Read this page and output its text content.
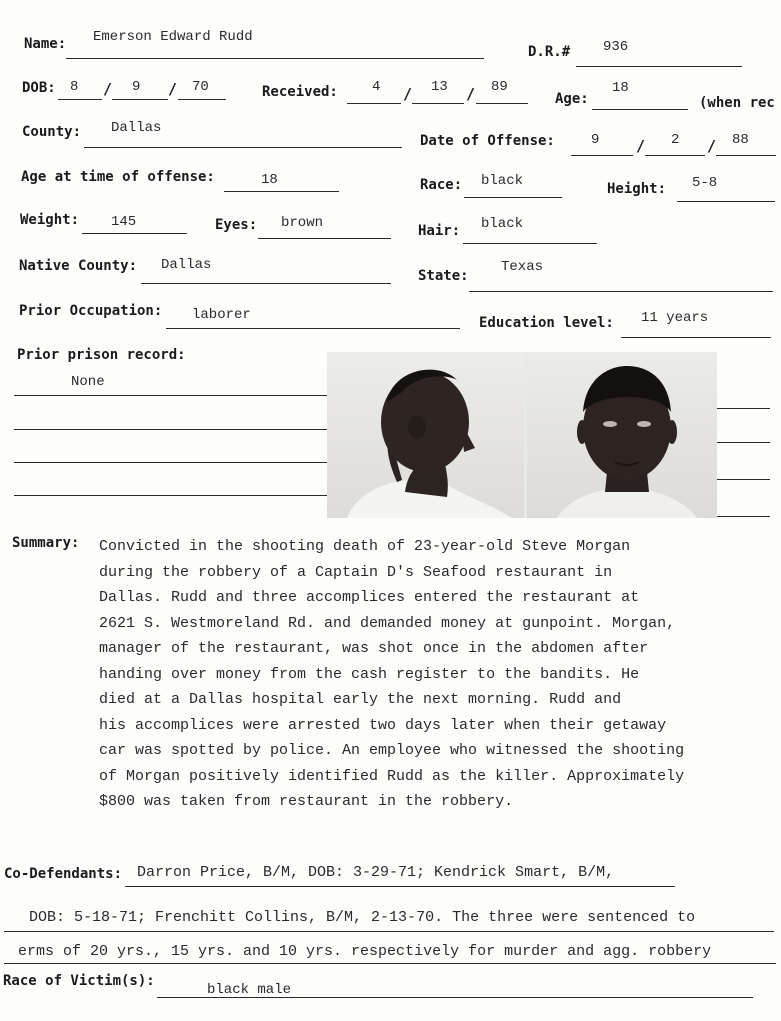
Name: Emerson Edward Rudd
D.R.# 936
DOB: 8 / 9 / 70	Received: 4 / 13 / 89
Age:
18
(when rec
County: Dallas
Date of Offense:	9 / 2 / 88
Age at time of offense:	18	Race: black	Height: 5-8
Weight: 145	Eyes: brown	Hair: black
Native County: Dallas
State:
Texas
Prior Occupation: laborer	Education level: 11 years
Prior prison record:
None
Summary: Convicted in the shooting death of 23-year-old Steve Morgan
during the robbery of a Captain D's Seafood restaurant in
Dallas. Rudd and three accomplices entered the restaurant at
2621 S. Westmoreland Rd. and demanded money at gunpoint. Morgan,
manager of the restaurant, was shot once in the abdomen after
handing over money from the cash register to the bandits. He
died at a Dallas hospital early the next morning. Rudd and
his accomplices were arrested two days later when their getaway
car was spotted by police. An employee who witnessed the shooting
of Morgan positively identified Rudd as the killer. Approximately
$800 was taken from restaurant in the robbery.
Co-Defendants: Darron Price, B/M, DOB: 3-29-71; Kendrick Smart, B/M,
DOB: 5-18-71; Frenchitt Collins, B/M, 2-13-70. The three were sentenced to
erms of 20 yrs., 15 yrs. and 10 yrs. respectively for murder and agg. robbery
Race of Victim(s):
black male
